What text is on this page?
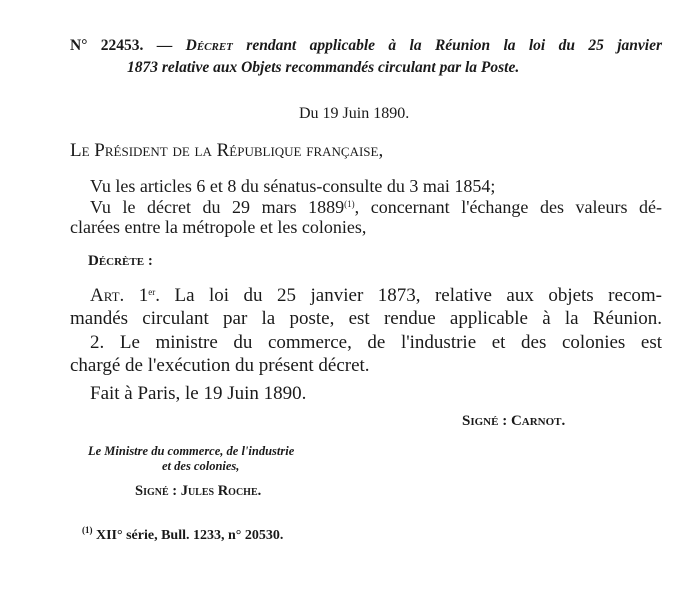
N° 22453. — Décret rendant applicable à la Réunion la loi du 25 janvier
1873 relative aux Objets recommandés circulant par la Poste.
Du 19 Juin 1890.
Le Président de la République française,
Vu les articles 6 et 8 du sénatus-consulte du 3 mai 1854;
Vu le décret du 29 mars 1889$^{(1)}$, concernant l'échange des valeurs dé-
clarées entre la métropole et les colonies,
Décrète :
Art. 1er. La loi du 25 janvier 1873, relative aux objets recom-
mandés circulant par la poste, est rendue applicable à la Réunion.
2. Le ministre du commerce, de l'industrie et des colonies est
chargé de l'exécution du présent décret.
Fait à Paris, le 19 Juin 1890.
Signé : Carnot.
Le Ministre du commerce, de l'industrie
et des colonies,
Signé : Jules Roche.
$^{(1)}$ XII° série, Bull. 1233, n° 20530.
